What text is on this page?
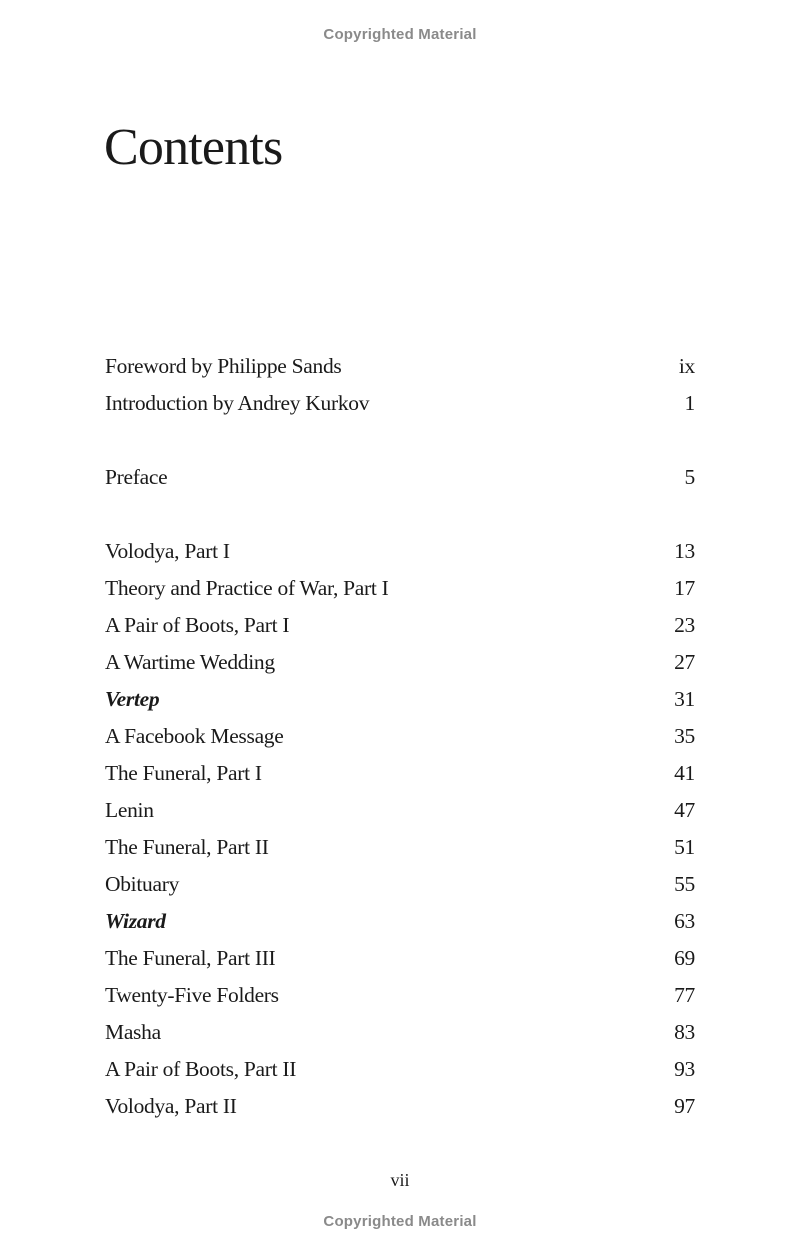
Copyrighted Material
Contents
Foreword by Philippe Sands	ix
Introduction by Andrey Kurkov	1
Preface	5
Volodya, Part I	13
Theory and Practice of War, Part I	17
A Pair of Boots, Part I	23
A Wartime Wedding	27
Vertep	31
A Facebook Message	35
The Funeral, Part I	41
Lenin	47
The Funeral, Part II	51
Obituary	55
Wizard	63
The Funeral, Part III	69
Twenty-Five Folders	77
Masha	83
A Pair of Boots, Part II	93
Volodya, Part II	97
vii
Copyrighted Material
